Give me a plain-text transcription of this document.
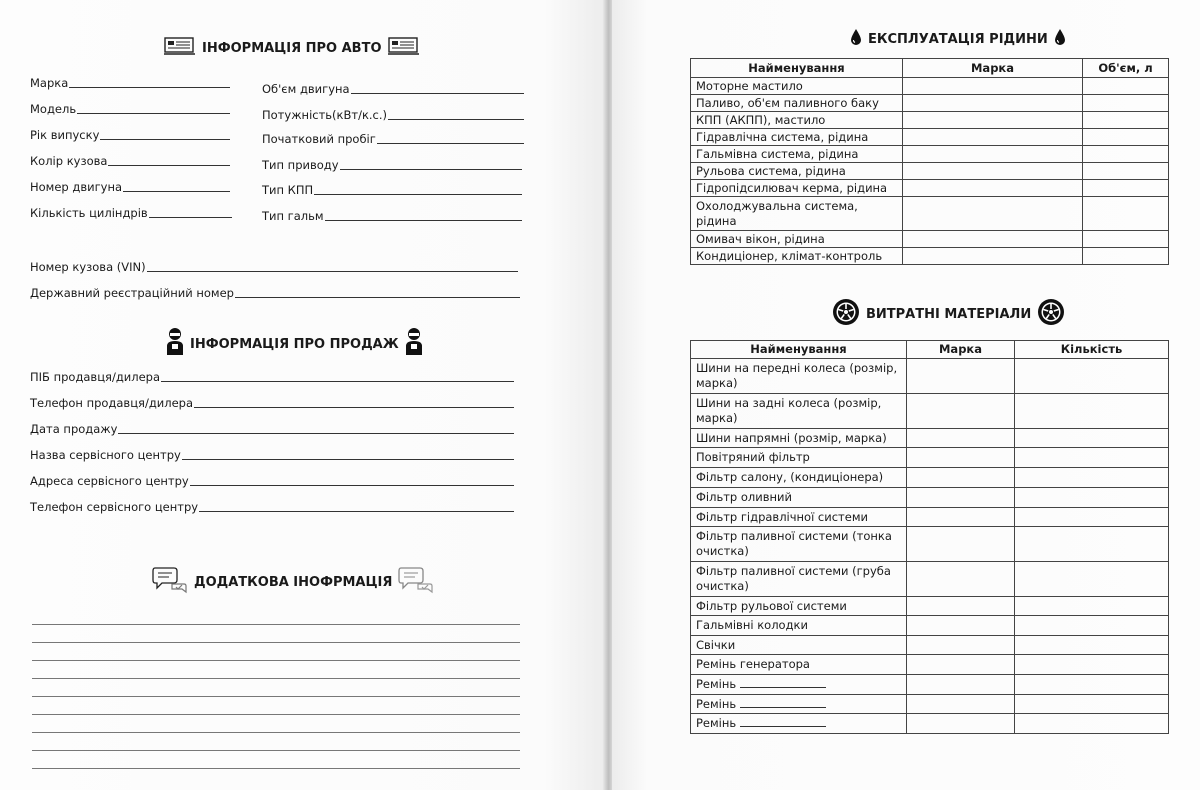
ІНФОРМАЦІЯ ПРО АВТО
Марка
Модель
Рік випуску
Колір кузова
Номер двигуна
Кількість циліндрів
Об'єм двигуна
Потужність(кВт/к.с.)
Початковий пробіг
Тип приводу
Тип КПП
Тип гальм
Номер кузова (VIN)
Державний реєстраційний номер
ІНФОРМАЦІЯ ПРО ПРОДАЖ
ПІБ продавця/дилера
Телефон продавця/дилера
Дата продажу
Назва сервісного центру
Адреса сервісного центру
Телефон сервісного центру
ДОДАТКОВА ІНОФРМАЦІЯ
ЕКСПЛУАТАЦІЯ РІДИНИ
Найменування	Марка	Об'єм, л
Моторне мастило		
Паливо, об'єм паливного баку		
КПП (АКПП), мастило		
Гідравлічна система, рідина		
Гальмівна система, рідина		
Рульова система, рідина		
Гідропідсилювач керма, рідина		
Охолоджувальна система, рідина		
Омивач вікон, рідина		
Кондиціонер, клімат-контроль		
ВИТРАТНІ МАТЕРІАЛИ
Найменування	Марка	Кількість
Шини на передні колеса (розмір, марка)		
Шини на задні колеса (розмір, марка)		
Шини напрямні (розмір, марка)		
Повітряний фільтр		
Фільтр салону, (кондиціонера)		
Фільтр оливний		
Фільтр гідравлічної системи		
Фільтр паливної системи (тонка очистка)		
Фільтр паливної системи (груба очистка)		
Фільтр рульової системи		
Гальмівні колодки		
Свічки		
Ремінь генератора		
Ремінь		
Ремінь		
Ремінь		
